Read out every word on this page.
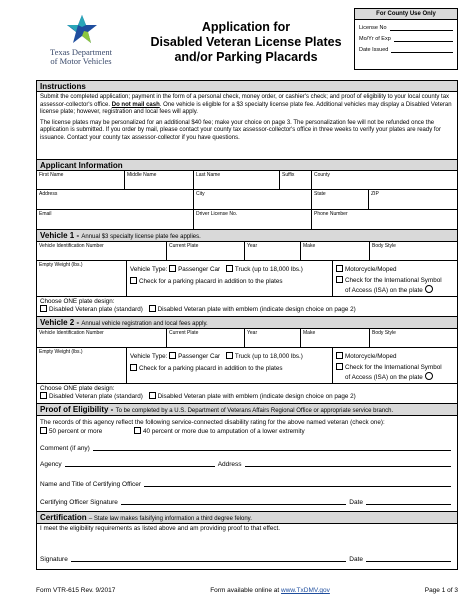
Texas Department
of Motor Vehicles
Application for
Disabled Veteran License Plates
and/or Parking Placards
For County Use Only
License No
Mo/Yr of Exp
Date Issued
Instructions

Submit the completed application; payment in the form of a personal check, money order, or cashier's check; and proof of eligibility to your local county tax assessor-collector's office. Do not mail cash. One vehicle is eligible for a $3 specialty license plate fee. Additional vehicles may display a Disabled Veteran license plate; however, registration and local fees will apply.

The license plates may be personalized for an additional $40 fee; make your choice on page 3. The personalization fee will not be refunded once the application is submitted. If you order by mail, please contact your county tax assessor-collector's office in three weeks to verify your plates are ready for issuance. Contact your county tax assessor-collector if you have questions.

Applicant Information
First Name	Middle Name	Last Name	Suffix	County
Address	City	State	ZIP
Email	Driver License No.	Phone Number
Vehicle 1 - Annual $3 specialty license plate fee applies.
Vehicle Identification Number	Current Plate	Year	Make	Body Style
Empty Weight (lbs.)
Vehicle Type: Passenger Car Truck (up to 18,000 lbs.)
Check for a parking placard in addition to the plates
Motorcycle/Moped
Check for the International Symbol
of Access (ISA) on the plate
Choose ONE plate design:
Disabled Veteran plate (standard) Disabled Veteran plate with emblem (indicate design choice on page 2)
Vehicle 2 - Annual vehicle registration and local fees apply.
Vehicle Identification Number	Current Plate	Year	Make	Body Style
Empty Weight (lbs.)
Vehicle Type: Passenger Car Truck (up to 18,000 lbs.)
Check for a parking placard in addition to the plates
Motorcycle/Moped
Check for the International Symbol
of Access (ISA) on the plate
Choose ONE plate design:
Disabled Veteran plate (standard) Disabled Veteran plate with emblem (indicate design choice on page 2)
Proof of Eligibility - To be completed by a U.S. Department of Veterans Affairs Regional Office or appropriate service branch.
The records of this agency reflect the following service-connected disability rating for the above named veteran (check one):
50 percent or more	40 percent or more due to amputation of a lower extremity
Comment (if any)
Agency	Address
Name and Title of Certifying Officer
Certifying Officer Signature	Date
Certification – State law makes falsifying information a third degree felony.
I meet the eligibility requirements as listed above and am providing proof to that effect.
Signature	Date
Form VTR-615 Rev. 9/2017	Form available online at www.TxDMV.gov	Page 1 of 3
